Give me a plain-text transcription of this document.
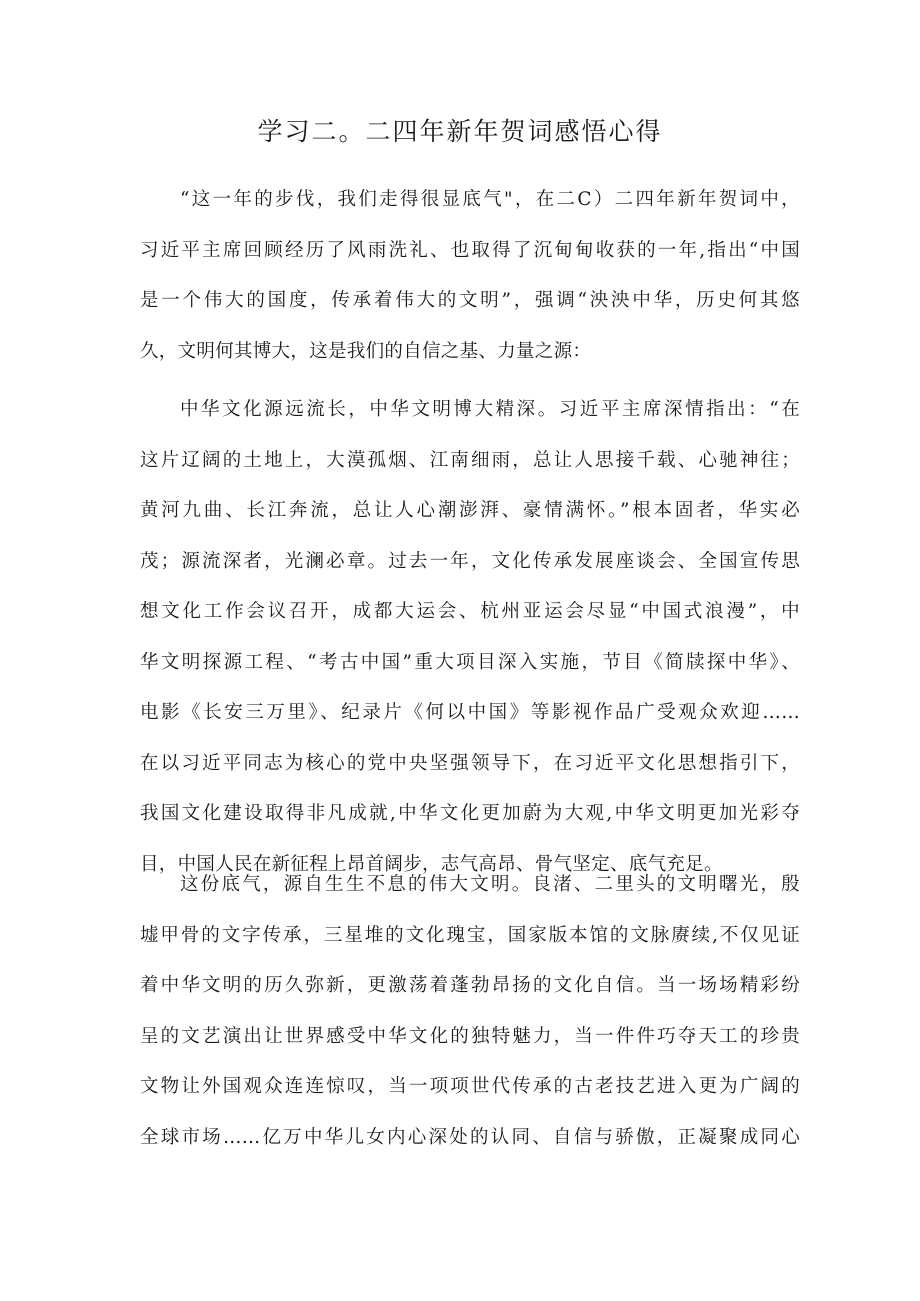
学习二。二四年新年贺词感悟心得
“这一年的步伐，我们走得很显底气"，在二C）二四年新年贺词中，
习近平主席回顾经历了风雨洗礼、也取得了沉甸甸收获的一年,指出“中国
是一个伟大的国度，传承着伟大的文明”，强调“泱泱中华，历史何其悠
久，文明何其博大，这是我们的自信之基、力量之源：
中华文化源远流长，中华文明博大精深。习近平主席深情指出：“在
这片辽阔的土地上，大漠孤烟、江南细雨，总让人思接千载、心驰神往；
黄河九曲、长江奔流，总让人心潮澎湃、豪情满怀。”根本固者，华实必
茂；源流深者，光澜必章。过去一年，文化传承发展座谈会、全国宣传思
想文化工作会议召开，成都大运会、杭州亚运会尽显“中国式浪漫”，中
华文明探源工程、“考古中国”重大项目深入实施，节目《简牍探中华》、
电影《长安三万里》、纪录片《何以中国》等影视作品广受观众欢迎……
在以习近平同志为核心的党中央坚强领导下，在习近平文化思想指引下，
我国文化建设取得非凡成就,中华文化更加蔚为大观,中华文明更加光彩夺
目，中国人民在新征程上昂首阔步，志气高昂、骨气坚定、底气充足。
这份底气，源自生生不息的伟大文明。良渚、二里头的文明曙光，殷
墟甲骨的文字传承，三星堆的文化瑰宝，国家版本馆的文脉赓续,不仅见证
着中华文明的历久弥新，更激荡着蓬勃昂扬的文化自信。当一场场精彩纷
呈的文艺演出让世界感受中华文化的独特魅力，当一件件巧夺天工的珍贵
文物让外国观众连连惊叹，当一项项世代传承的古老技艺进入更为广阔的
全球市场……亿万中华儿女内心深处的认同、自信与骄傲，正凝聚成同心
